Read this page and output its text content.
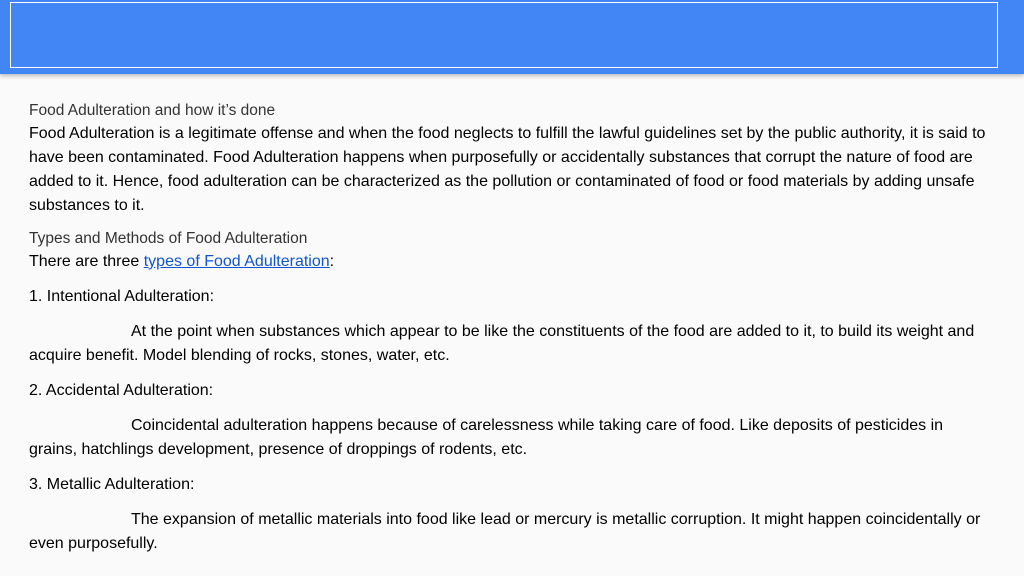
Food Adulteration and how it’s done
Food Adulteration is a legitimate offense and when the food neglects to fulfill the lawful guidelines set by the public authority, it is said to have been contaminated. Food Adulteration happens when purposefully or accidentally substances that corrupt the nature of food are added to it. Hence, food adulteration can be characterized as the pollution or contaminated of food or food materials by adding unsafe substances to it.
Types and Methods of Food Adulteration
There are three types of Food Adulteration:
1. Intentional Adulteration:
At the point when substances which appear to be like the constituents of the food are added to it, to build its weight and acquire benefit. Model blending of rocks, stones, water, etc.
2. Accidental Adulteration:
Coincidental adulteration happens because of carelessness while taking care of food. Like deposits of pesticides in grains, hatchlings development, presence of droppings of rodents, etc.
3. Metallic Adulteration:
The expansion of metallic materials into food like lead or mercury is metallic corruption. It might happen coincidentally or even purposefully.
